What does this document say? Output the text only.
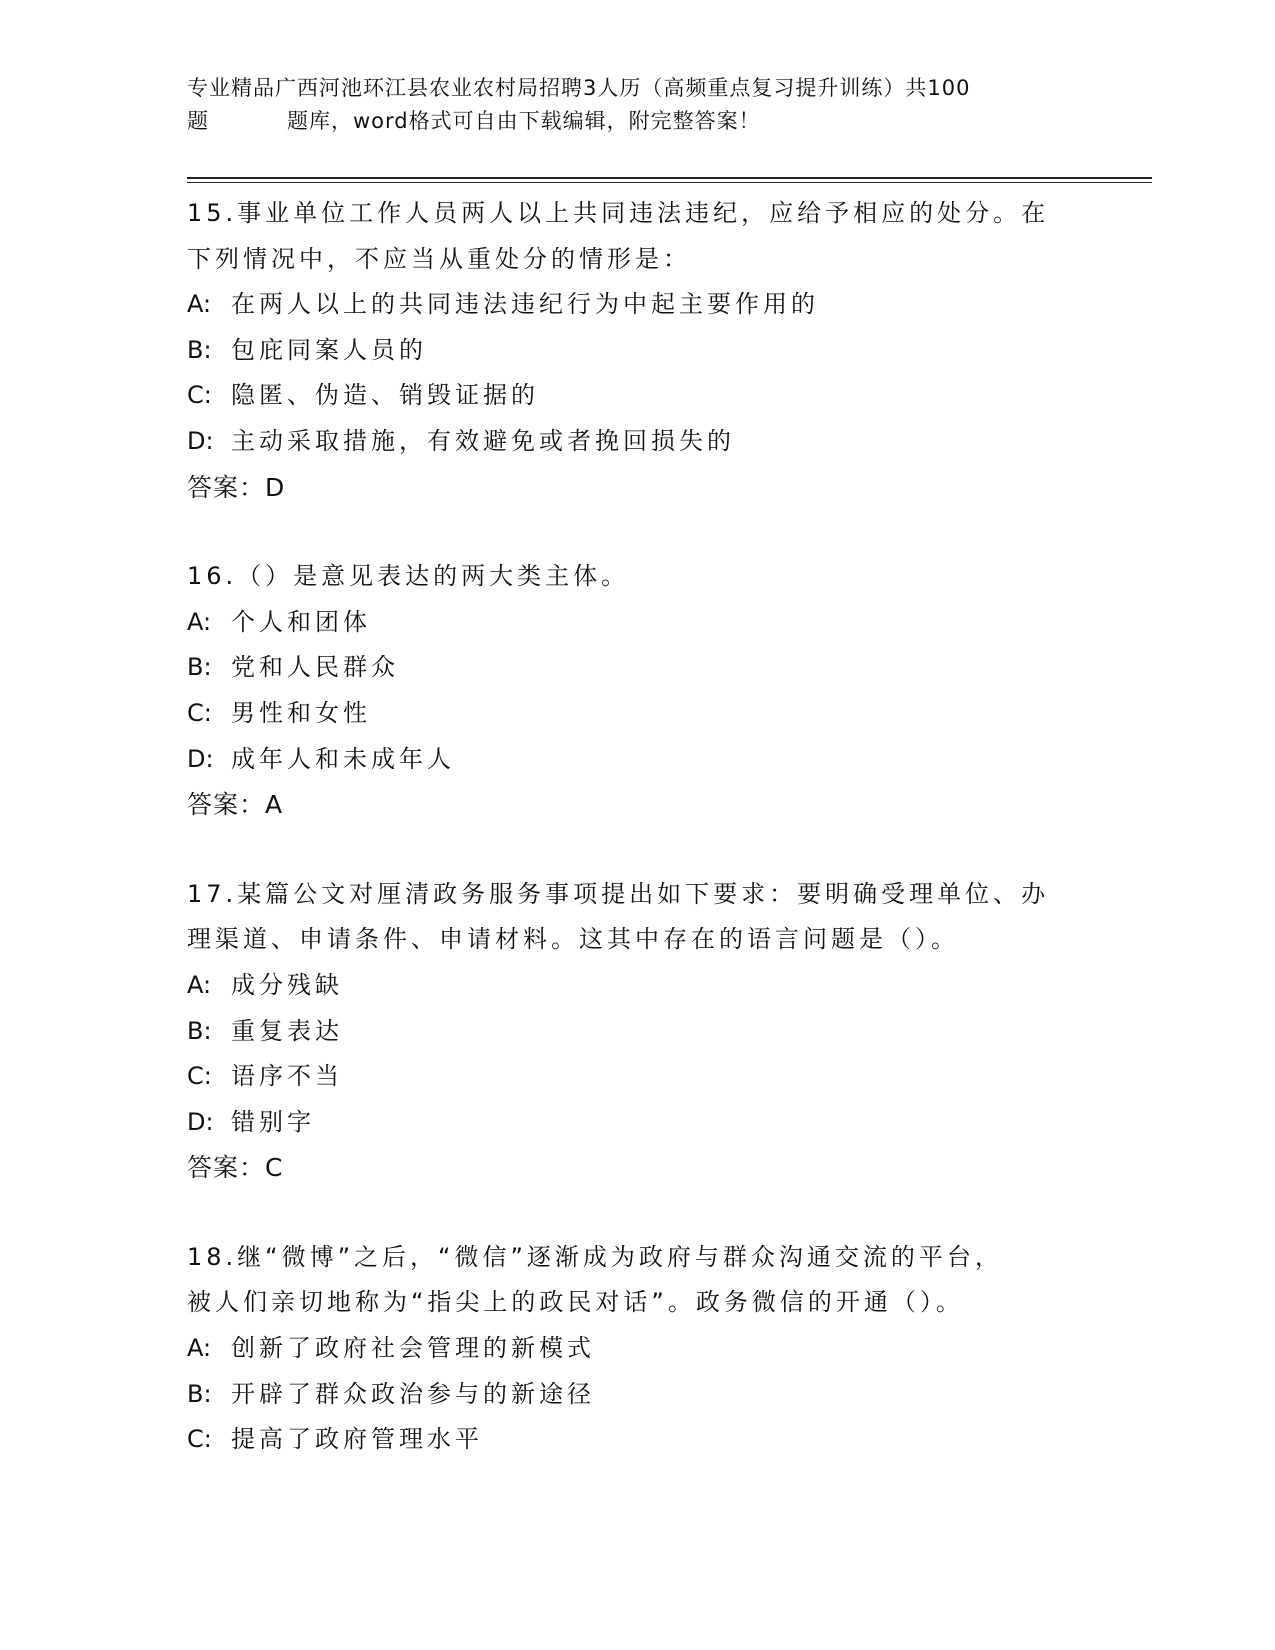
专业精品广西河池环江县农业农村局招聘3人历（高频重点复习提升训练）共100
题	题库，word格式可自由下载编辑，附完整答案！
15.事业单位工作人员两人以上共同违法违纪，应给予相应的处分。在
下列情况中，不应当从重处分的情形是：
A: 在两人以上的共同违法违纪行为中起主要作用的
B: 包庇同案人员的
C: 隐匿、伪造、销毁证据的
D: 主动采取措施，有效避免或者挽回损失的
答案：D
16.（）是意见表达的两大类主体。
A: 个人和团体
B: 党和人民群众
C: 男性和女性
D: 成年人和未成年人
答案：A
17.某篇公文对厘清政务服务事项提出如下要求：要明确受理单位、办
理渠道、申请条件、申请材料。这其中存在的语言问题是（）。
A: 成分残缺
B: 重复表达
C: 语序不当
D: 错别字
答案：C
18.继“微博”之后，“微信”逐渐成为政府与群众沟通交流的平台，
被人们亲切地称为“指尖上的政民对话”。政务微信的开通（）。
A: 创新了政府社会管理的新模式
B: 开辟了群众政治参与的新途径
C: 提高了政府管理水平
